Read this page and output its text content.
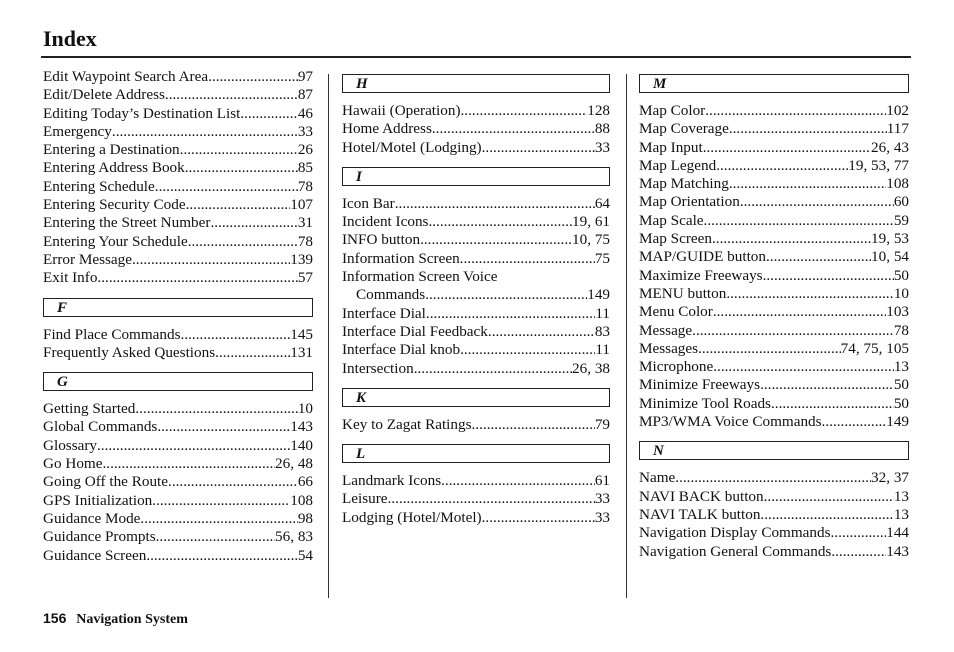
Index
Edit Waypoint Search Area .....	97
Edit/Delete Address .....	87
Editing Today’s Destination List .....	46
Emergency .....	33
Entering a Destination .....	26
Entering Address Book .....	85
Entering Schedule .....	78
Entering Security Code .....	107
Entering the Street Number .....	31
Entering Your Schedule .....	78
Error Message .....	139
Exit Info .....	57
F
Find Place Commands .....	145
Frequently Asked Questions .....	131
G
Getting Started .....	10
Global Commands .....	143
Glossary .....	140
Go Home .....	26, 48
Going Off the Route .....	66
GPS Initialization .....	108
Guidance Mode .....	98
Guidance Prompts .....	56, 83
Guidance Screen .....	54
H
Hawaii (Operation) .....	128
Home Address .....	88
Hotel/Motel (Lodging) .....	33
I
Icon Bar .....	64
Incident Icons .....	19, 61
INFO button .....	10, 75
Information Screen .....	75
Information Screen Voice
Commands .....	149
Interface Dial .....	11
Interface Dial Feedback .....	83
Interface Dial knob .....	11
Intersection .....	26, 38
K
Key to Zagat Ratings .....	79
L
Landmark Icons .....	61
Leisure .....	33
Lodging (Hotel/Motel) .....	33
M
Map Color .....	102
Map Coverage .....	117
Map Input .....	26, 43
Map Legend .....	19, 53, 77
Map Matching .....	108
Map Orientation .....	60
Map Scale .....	59
Map Screen .....	19, 53
MAP/GUIDE button .....	10, 54
Maximize Freeways .....	50
MENU button .....	10
Menu Color .....	103
Message .....	78
Messages .....	74, 75, 105
Microphone .....	13
Minimize Freeways .....	50
Minimize Tool Roads .....	50
MP3/WMA Voice Commands .....	149
N
Name .....	32, 37
NAVI BACK button .....	13
NAVI TALK button .....	13
Navigation Display Commands .....	144
Navigation General Commands .....	143
156 Navigation System
